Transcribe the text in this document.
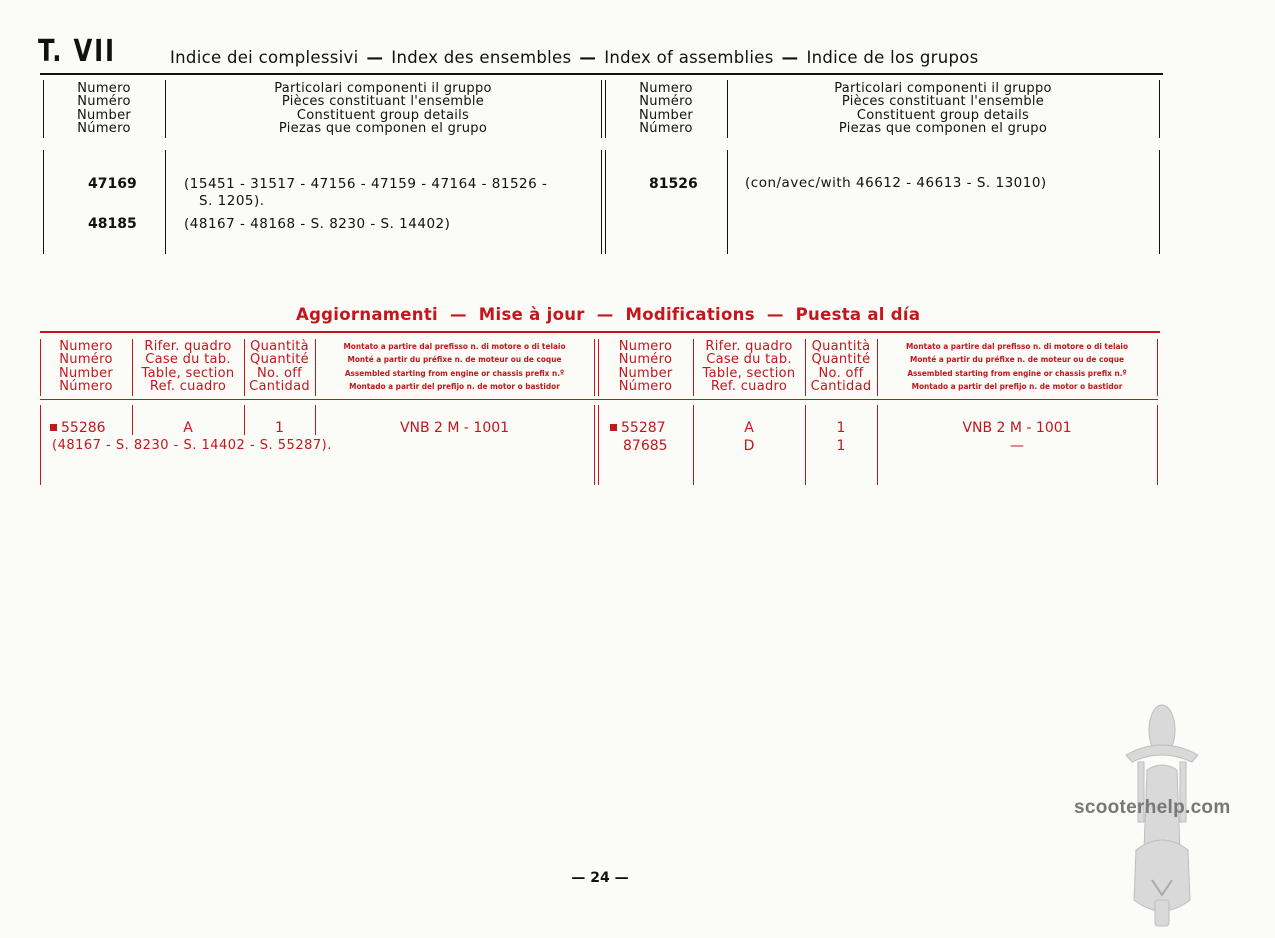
T. VII	Indice dei complessivi — Index des ensembles — Index of assemblies — Indice de los grupos
Numero
Numéro
Number
Número
Particolari componenti il gruppo
Pièces constituant l'ensemble
Constituent group details
Piezas que componen el grupo
Numero
Numéro
Number
Número
Particolari componenti il gruppo
Pièces constituant l'ensemble
Constituent group details
Piezas que componen el grupo
47169	(15451 - 31517 - 47156 - 47159 - 47164 - 81526 -
S. 1205).
48185	(48167 - 48168 - S. 8230 - S. 14402)
81526	(con/avec/with 46612 - 46613 - S. 13010)
Aggiornamenti — Mise à jour — Modifications — Puesta al día
Numero
Numéro
Number
Número
Rifer. quadro
Case du tab.
Table, section
Ref. cuadro
Quantità
Quantité
No. off
Cantidad
Montato a partire dal prefisso n. di motore o di telaio
Monté a partir du préfixe n. de moteur ou de coque
Assembled starting from engine or chassis prefix n.º
Montado a partir del prefijo n. de motor o bastidor
Numero
Numéro
Number
Número
Rifer. quadro
Case du tab.
Table, section
Ref. cuadro
Quantità
Quantité
No. off
Cantidad
Montato a partire dal prefisso n. di motore o di telaio
Monté a partir du préfixe n. de moteur ou de coque
Assembled starting from engine or chassis prefix n.º
Montado a partir del prefijo n. de motor o bastidor
55286	A	1	VNB 2 M - 1001
(48167 - S. 8230 - S. 14402 - S. 55287).
55287	A	1	VNB 2 M - 1001
87685	D	1	—
— 24 —
scooterhelp.com
